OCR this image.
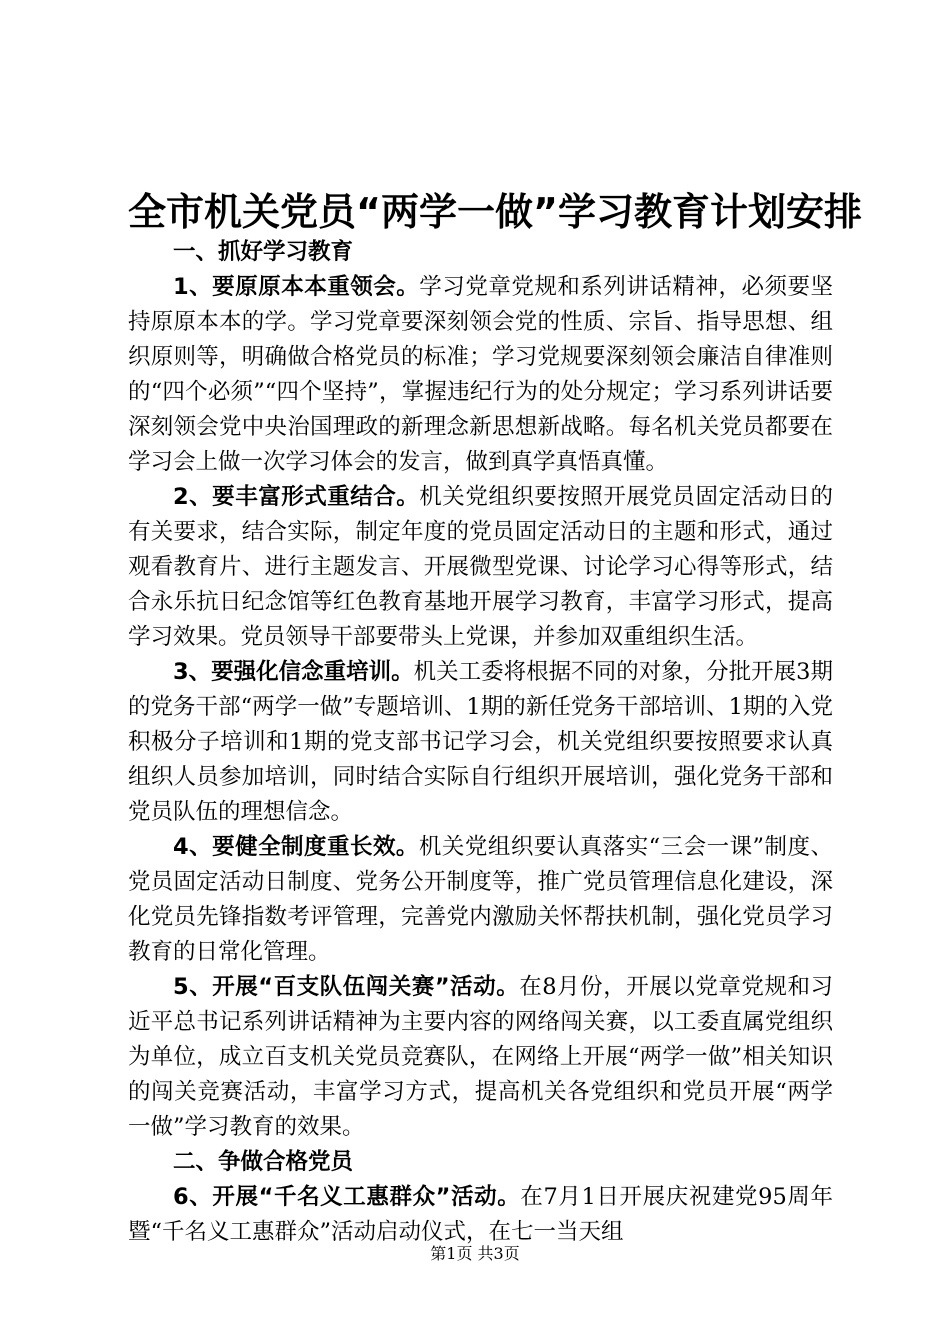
全市机关党员“两学一做”学习教育计划安排

一、抓好学习教育

1、要原原本本重领会。学习党章党规和系列讲话精神，必须要坚持原原本本的学。学习党章要深刻领会党的性质、宗旨、指导思想、组织原则等，明确做合格党员的标准；学习党规要深刻领会廉洁自律准则的“四个必须”“四个坚持”，掌握违纪行为的处分规定；学习系列讲话要深刻领会党中央治国理政的新理念新思想新战略。每名机关党员都要在学习会上做一次学习体会的发言，做到真学真悟真懂。

2、要丰富形式重结合。机关党组织要按照开展党员固定活动日的有关要求，结合实际，制定年度的党员固定活动日的主题和形式，通过观看教育片、进行主题发言、开展微型党课、讨论学习心得等形式，结合永乐抗日纪念馆等红色教育基地开展学习教育，丰富学习形式，提高学习效果。党员领导干部要带头上党课，并参加双重组织生活。

3、要强化信念重培训。机关工委将根据不同的对象，分批开展3期的党务干部“两学一做”专题培训、1期的新任党务干部培训、1期的入党积极分子培训和1期的党支部书记学习会，机关党组织要按照要求认真组织人员参加培训，同时结合实际自行组织开展培训，强化党务干部和党员队伍的理想信念。

4、要健全制度重长效。机关党组织要认真落实“三会一课”制度、党员固定活动日制度、党务公开制度等，推广党员管理信息化建设，深化党员先锋指数考评管理，完善党内激励关怀帮扶机制，强化党员学习教育的日常化管理。

5、开展“百支队伍闯关赛”活动。在8月份，开展以党章党规和习近平总书记系列讲话精神为主要内容的网络闯关赛，以工委直属党组织为单位，成立百支机关党员竞赛队，在网络上开展“两学一做”相关知识的闯关竞赛活动，丰富学习方式，提高机关各党组织和党员开展“两学一做”学习教育的效果。

二、争做合格党员

6、开展“千名义工惠群众”活动。在7月1日开展庆祝建党95周年暨“千名义工惠群众”活动启动仪式，在七一当天组

第1页 共3页
